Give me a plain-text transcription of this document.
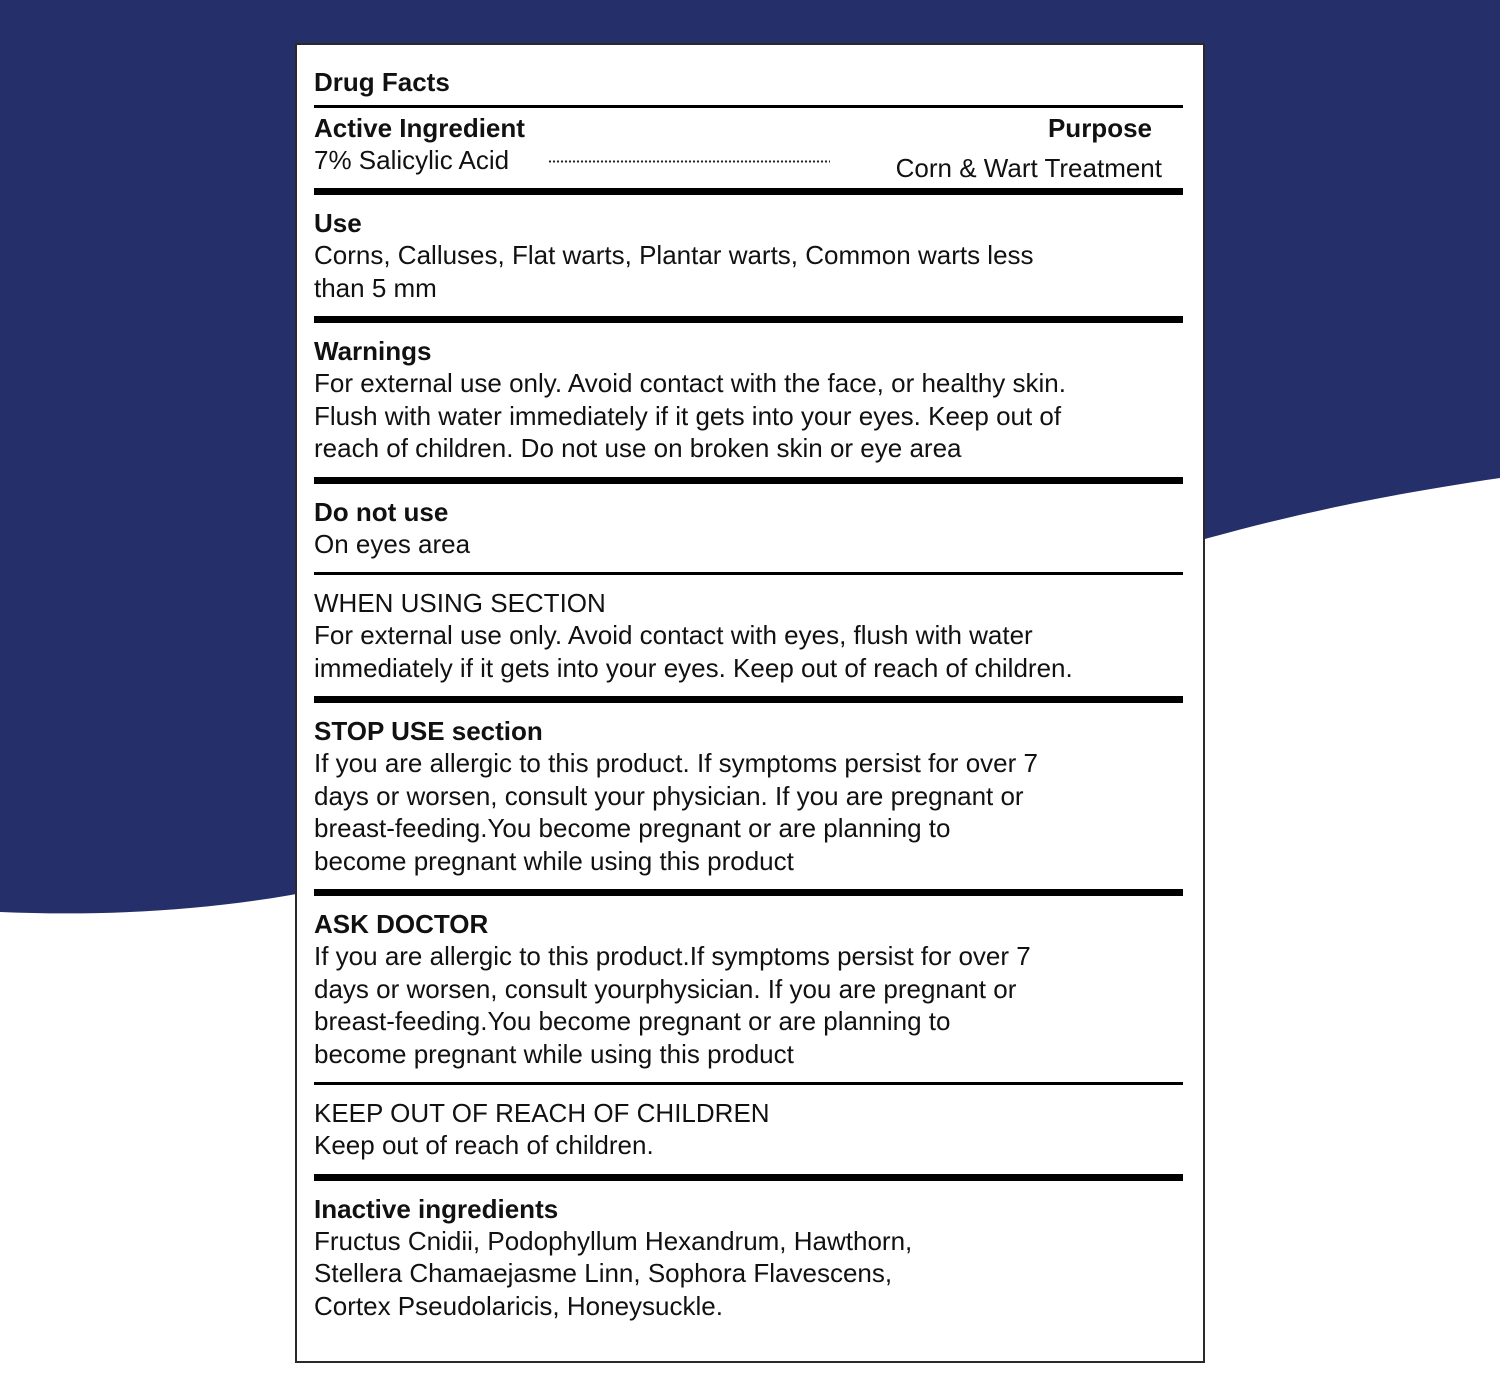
Drug Facts
Active Ingredient	Purpose
7% Salicylic Acid	Corn & Wart Treatment
Use
Corns, Calluses, Flat warts, Plantar warts, Common warts less
than 5 mm
Warnings
For external use only. Avoid contact with the face, or healthy skin.
Flush with water immediately if it gets into your eyes. Keep out of
reach of children. Do not use on broken skin or eye area
Do not use
On eyes area
WHEN USING SECTION
For external use only. Avoid contact with eyes, flush with water
immediately if it gets into your eyes. Keep out of reach of children.
STOP USE section
If you are allergic to this product. If symptoms persist for over 7
days or worsen, consult your physician. If you are pregnant or
breast-feeding.You become pregnant or are planning to
become pregnant while using this product
ASK DOCTOR
If you are allergic to this product.If symptoms persist for over 7
days or worsen, consult yourphysician. If you are pregnant or
breast-feeding.You become pregnant or are planning to
become pregnant while using this product
KEEP OUT OF REACH OF CHILDREN
Keep out of reach of children.
Inactive ingredients
Fructus Cnidii, Podophyllum Hexandrum, Hawthorn,
Stellera Chamaejasme Linn, Sophora Flavescens,
Cortex Pseudolaricis, Honeysuckle.
